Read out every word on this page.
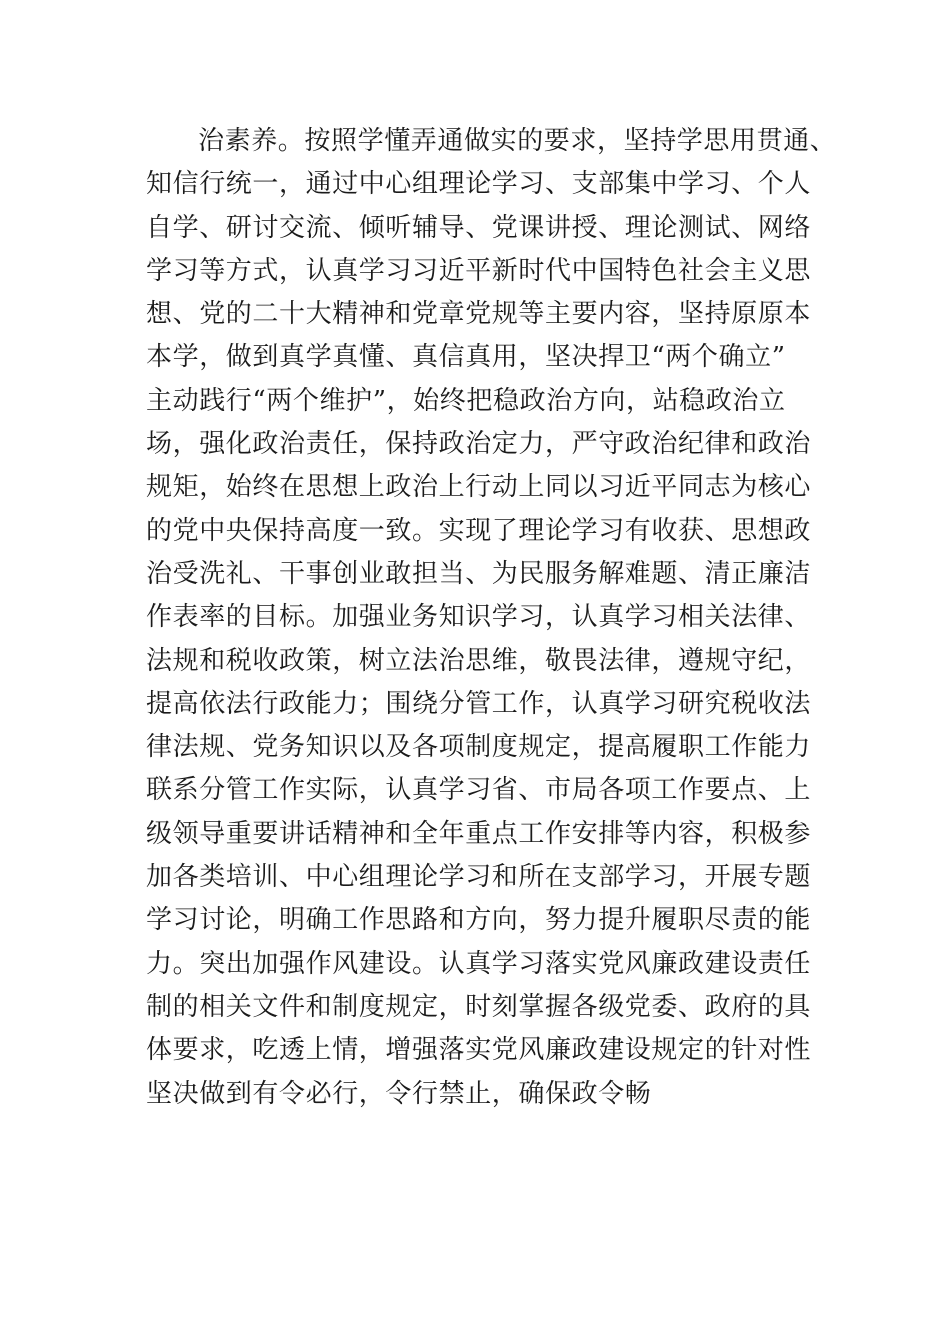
治素养。按照学懂弄通做实的要求，坚持学思用贯通、
知信行统一，通过中心组理论学习、支部集中学习、个人
自学、研讨交流、倾听辅导、党课讲授、理论测试、网络
学习等方式，认真学习习近平新时代中国特色社会主义思
想、党的二十大精神和党章党规等主要内容，坚持原原本
本学，做到真学真懂、真信真用，坚决捍卫“两个确立”
主动践行“两个维护”，始终把稳政治方向，站稳政治立
场，强化政治责任，保持政治定力，严守政治纪律和政治
规矩，始终在思想上政治上行动上同以习近平同志为核心
的党中央保持高度一致。实现了理论学习有收获、思想政
治受洗礼、干事创业敢担当、为民服务解难题、清正廉洁
作表率的目标。加强业务知识学习，认真学习相关法律、
法规和税收政策，树立法治思维，敬畏法律，遵规守纪，
提高依法行政能力；围绕分管工作，认真学习研究税收法
律法规、党务知识以及各项制度规定，提高履职工作能力
联系分管工作实际，认真学习省、市局各项工作要点、上
级领导重要讲话精神和全年重点工作安排等内容，积极参
加各类培训、中心组理论学习和所在支部学习，开展专题
学习讨论，明确工作思路和方向，努力提升履职尽责的能
力。突出加强作风建设。认真学习落实党风廉政建设责任
制的相关文件和制度规定，时刻掌握各级党委、政府的具
体要求，吃透上情，增强落实党风廉政建设规定的针对性
坚决做到有令必行，令行禁止，确保政令畅
